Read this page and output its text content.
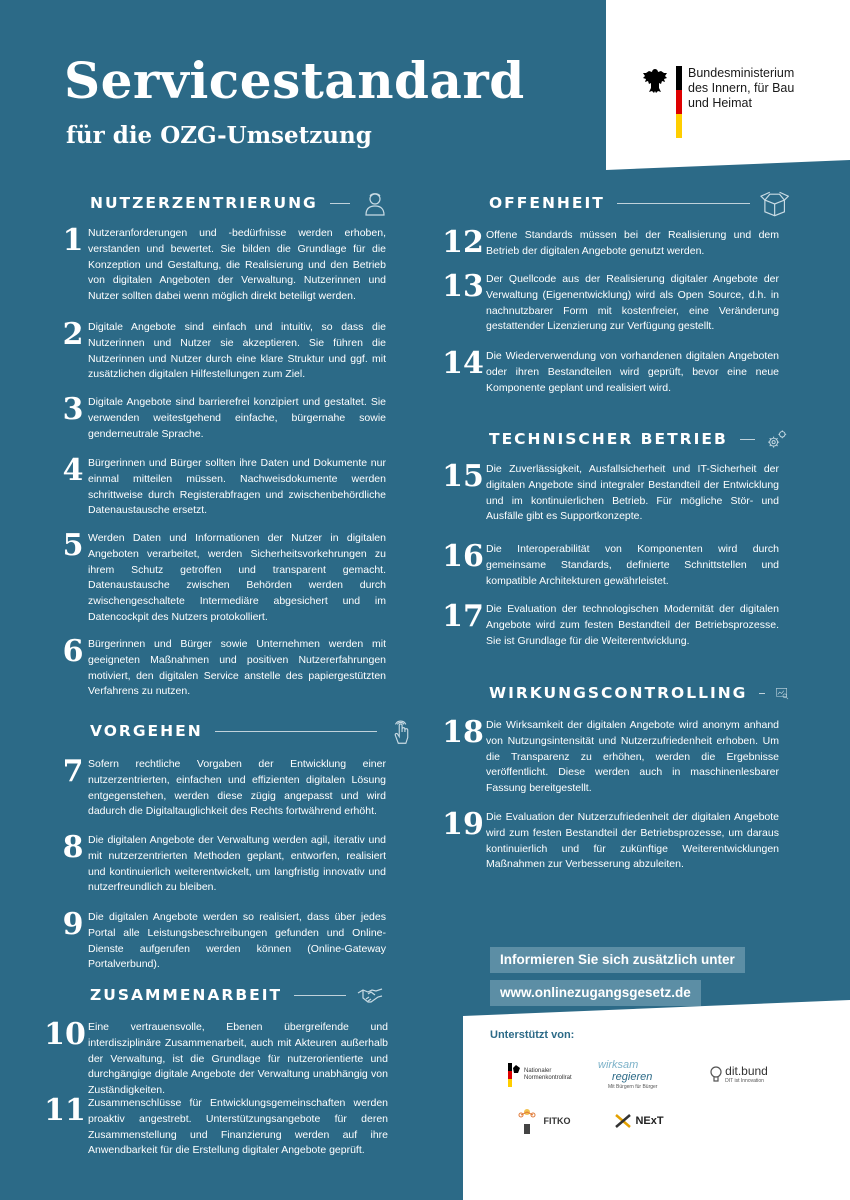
Servicestandard
für die OZG-Umsetzung
Bundesministerium
des Innern, für Bau
und Heimat
NUTZERZENTRIERUNG
1 Nutzeranforderungen und -bedürfnisse werden erhoben, verstanden und bewertet. Sie bilden die Grundlage für die Konzeption und Gestaltung, die Realisierung und den Betrieb von digitalen Angeboten der Verwaltung. Nutzerinnen und Nutzer sollten dabei wenn möglich direkt beteiligt werden.
2 Digitale Angebote sind einfach und intuitiv, so dass die Nutzerinnen und Nutzer sie akzeptieren. Sie führen die Nutzerinnen und Nutzer durch eine klare Struktur und ggf. mit zusätzlichen digitalen Hilfestellungen zum Ziel.
3 Digitale Angebote sind barrierefrei konzipiert und gestaltet. Sie verwenden weitestgehend einfache, bürgernahe sowie genderneutrale Sprache.
4 Bürgerinnen und Bürger sollten ihre Daten und Dokumente nur einmal mitteilen müssen. Nachweisdokumente werden schrittweise durch Registerabfragen und zwischenbehördliche Datenaustausche ersetzt.
5 Werden Daten und Informationen der Nutzer in digitalen Angeboten verarbeitet, werden Sicherheitsvorkehrungen zu ihrem Schutz getroffen und transparent gemacht. Datenaustausche zwischen Behörden werden durch zwischengeschaltete Intermediäre abgesichert und im Datencockpit des Nutzers protokolliert.
6 Bürgerinnen und Bürger sowie Unternehmen werden mit geeigneten Maßnahmen und positiven Nutzererfahrungen motiviert, den digitalen Service anstelle des papiergestützten Verfahrens zu nutzen.
VORGEHEN
7 Sofern rechtliche Vorgaben der Entwicklung einer nutzerzentrierten, einfachen und effizienten digitalen Lösung entgegenstehen, werden diese zügig angepasst und wird dadurch die Digitaltauglichkeit des Rechts fortwährend erhöht.
8 Die digitalen Angebote der Verwaltung werden agil, iterativ und mit nutzerzentrierten Methoden geplant, entworfen, realisiert und kontinuierlich weiterentwickelt, um langfristig innovativ und nutzerfreundlich zu bleiben.
9 Die digitalen Angebote werden so realisiert, dass über jedes Portal alle Leistungsbeschreibungen gefunden und Online-Dienste aufgerufen werden können (Online-Gateway Portalverbund).
ZUSAMMENARBEIT
10 Eine vertrauensvolle, Ebenen übergreifende und interdisziplinäre Zusammenarbeit, auch mit Akteuren außerhalb der Verwaltung, ist die Grundlage für nutzerorientierte und durchgängige digitale Angebote der Verwaltung unabhängig von Zuständigkeiten.
11 Zusammenschlüsse für Entwicklungsgemeinschaften werden proaktiv angestrebt. Unterstützungsangebote für deren Zusammenstellung und Finanzierung werden auf ihre Anwendbarkeit für die Erstellung digitaler Angebote geprüft.
OFFENHEIT
12 Offene Standards müssen bei der Realisierung und dem Betrieb der digitalen Angebote genutzt werden.
13 Der Quellcode aus der Realisierung digitaler Angebote der Verwaltung (Eigenentwicklung) wird als Open Source, d.h. in nachnutzbarer Form mit kostenfreier, eine Veränderung gestattender Lizenzierung zur Verfügung gestellt.
14 Die Wiederverwendung von vorhandenen digitalen Angeboten oder ihren Bestandteilen wird geprüft, bevor eine neue Komponente geplant und realisiert wird.
TECHNISCHER BETRIEB
15 Die Zuverlässigkeit, Ausfallsicherheit und IT-Sicherheit der digitalen Angebote sind integraler Bestandteil der Entwicklung und im kontinuierlichen Betrieb. Für mögliche Stör- und Ausfälle gibt es Supportkonzepte.
16 Die Interoperabilität von Komponenten wird durch gemeinsame Standards, definierte Schnittstellen und kompatible Architekturen gewährleistet.
17 Die Evaluation der technologischen Modernität der digitalen Angebote wird zum festen Bestandteil der Betriebsprozesse. Sie ist Grundlage für die Weiterentwicklung.
WIRKUNGSCONTROLLING
18 Die Wirksamkeit der digitalen Angebote wird anonym anhand von Nutzungsintensität und Nutzerzufriedenheit erhoben. Um die Transparenz zu erhöhen, werden die Ergebnisse veröffentlicht. Diese werden auch in maschinenlesbarer Fassung bereitgestellt.
19 Die Evaluation der Nutzerzufriedenheit der digitalen Angebote wird zum festen Bestandteil der Betriebsprozesse, um daraus kontinuierlich und für zukünftige Weiterentwicklungen Maßnahmen zur Verbesserung abzuleiten.
Informieren Sie sich zusätzlich unter
www.onlinezugangsgesetz.de
Unterstützt von:
Nationaler Normenkontrollrat
wirksam
regieren
Mit Bürgern für Bürger
dit.bund
DIT ist Innovation
FITKO	NExT
